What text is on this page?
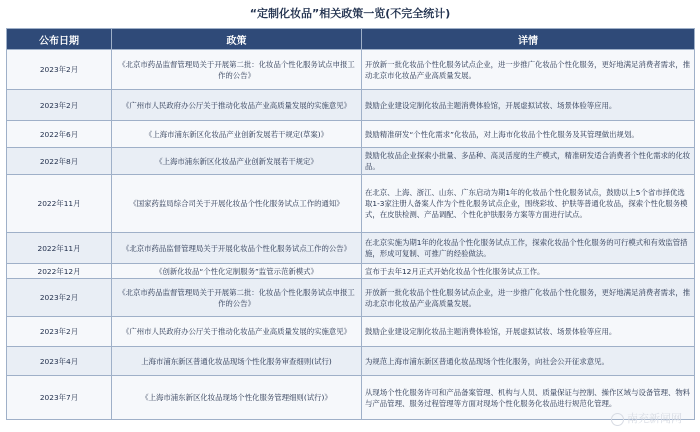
“定制化妆品”相关政策一览(不完全统计)
公布日期	政策	详情
2023年2月	《北京市药品监督管理局关于开展第二批：化妆品个性化服务试点申报工作的公告》	开放新一批化妆品个性化服务试点企业，进一步推广化妆品个性化服务，更好地满足消费者需求，推动北京市化妆品产业高质量发展。
2023年2月	《广州市人民政府办公厅关于推动化妆品产业高质量发展的实施意见》	鼓励企业建设定制化妆品主题消费体验馆，开展虚拟试妆、场景体验等应用。
2022年6月	《上海市浦东新区化妆品产业创新发展若干规定(草案)》	鼓励精准研发“个性化需求”化妆品，对上海市化妆品个性化服务及其管理做出规划。
2022年8月	《上海市浦东新区化妆品产业创新发展若干规定》	鼓励化妆品企业探索小批量、多品种、高灵活度的生产模式，精准研发适合消费者个性化需求的化妆品。
2022年11月	《国家药监局综合司关于开展化妆品个性化服务试点工作的通知》	在北京、上海、浙江、山东、广东启动为期1年的化妆品个性化服务试点，鼓励以上5个省市择优选取1-3家注册人备案人作为个性化服务试点企业，围绕彩妆、护肤等普通化妆品，探索个性化服务模式，在皮肤检测、产品调配、个性化护肤服务方案等方面进行试点。
2022年11月	《北京市药品监督管理局关于开展化妆品个性化服务试点工作的公告》	在北京实施为期1年的化妆品个性化服务试点工作，探索化妆品个性化服务的可行模式和有效监管措施，形成可复制、可推广的经验做法。
2022年12月	《创新化妆品“个性化定制服务”监管示范新模式》	宣布于去年12月正式开始化妆品个性化服务试点工作。
2023年2月	《北京市药品监督管理局关于开展第二批：化妆品个性化服务试点申报工作的公告》	开放新一批化妆品个性化服务试点企业，进一步推广化妆品个性化服务，更好地满足消费者需求，推动北京市化妆品产业高质量发展。
2023年2月	《广州市人民政府办公厅关于推动化妆品产业高质量发展的实施意见》	鼓励企业建设定制化妆品主题消费体验馆，开展虚拟试妆、场景体验等应用。
2023年4月	上海市浦东新区普通化妆品现场个性化服务审查细则(试行)	为规范上海市浦东新区普通化妆品现场个性化服务，向社会公开征求意见。
2023年7月	《上海市浦东新区化妆品现场个性化服务管理细则(试行)》	从现场个性化服务许可和产品备案管理、机构与人员、质量保证与控制、操作区域与设备管理、物料与产品管理、服务过程管理等方面对现场个性化服务化妆品进行规范化管理。
南充新闻网
